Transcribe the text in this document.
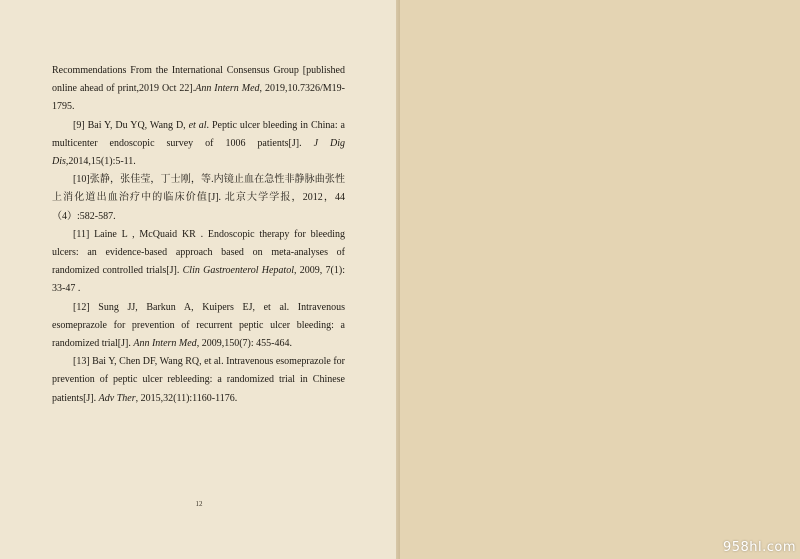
Recommendations From the International Consensus Group [published online ahead of print,2019 Oct 22].Ann Intern Med, 2019,10.7326/M19-1795.

[9] Bai Y, Du YQ, Wang D, et al. Peptic ulcer bleeding in China: a multicenter endoscopic survey of 1006 patients[J]. J Dig Dis,2014,15(1):5-11.

[10]张静，张佳莹，丁士刚，等.内镜止血在急性非静脉曲张性上消化道出血治疗中的临床价值[J]. 北京大学学报，2012，44（4）:582-587.

[11] Laine L , McQuaid KR . Endoscopic therapy for bleeding ulcers: an evidence-based approach based on meta-analyses of randomized controlled trials[J]. Clin Gastroenterol Hepatol, 2009, 7(1): 33-47 .

[12] Sung JJ, Barkun A, Kuipers EJ, et al. Intravenous esomeprazole for prevention of recurrent peptic ulcer bleeding: a randomized trial[J]. Ann Intern Med, 2009,150(7): 455-464.

[13] Bai Y, Chen DF, Wang RQ, et al. Intravenous esomeprazole for prevention of peptic ulcer rebleeding: a randomized trial in Chinese patients[J]. Adv Ther, 2015,32(11):1160-1176.

12
958hl.com
